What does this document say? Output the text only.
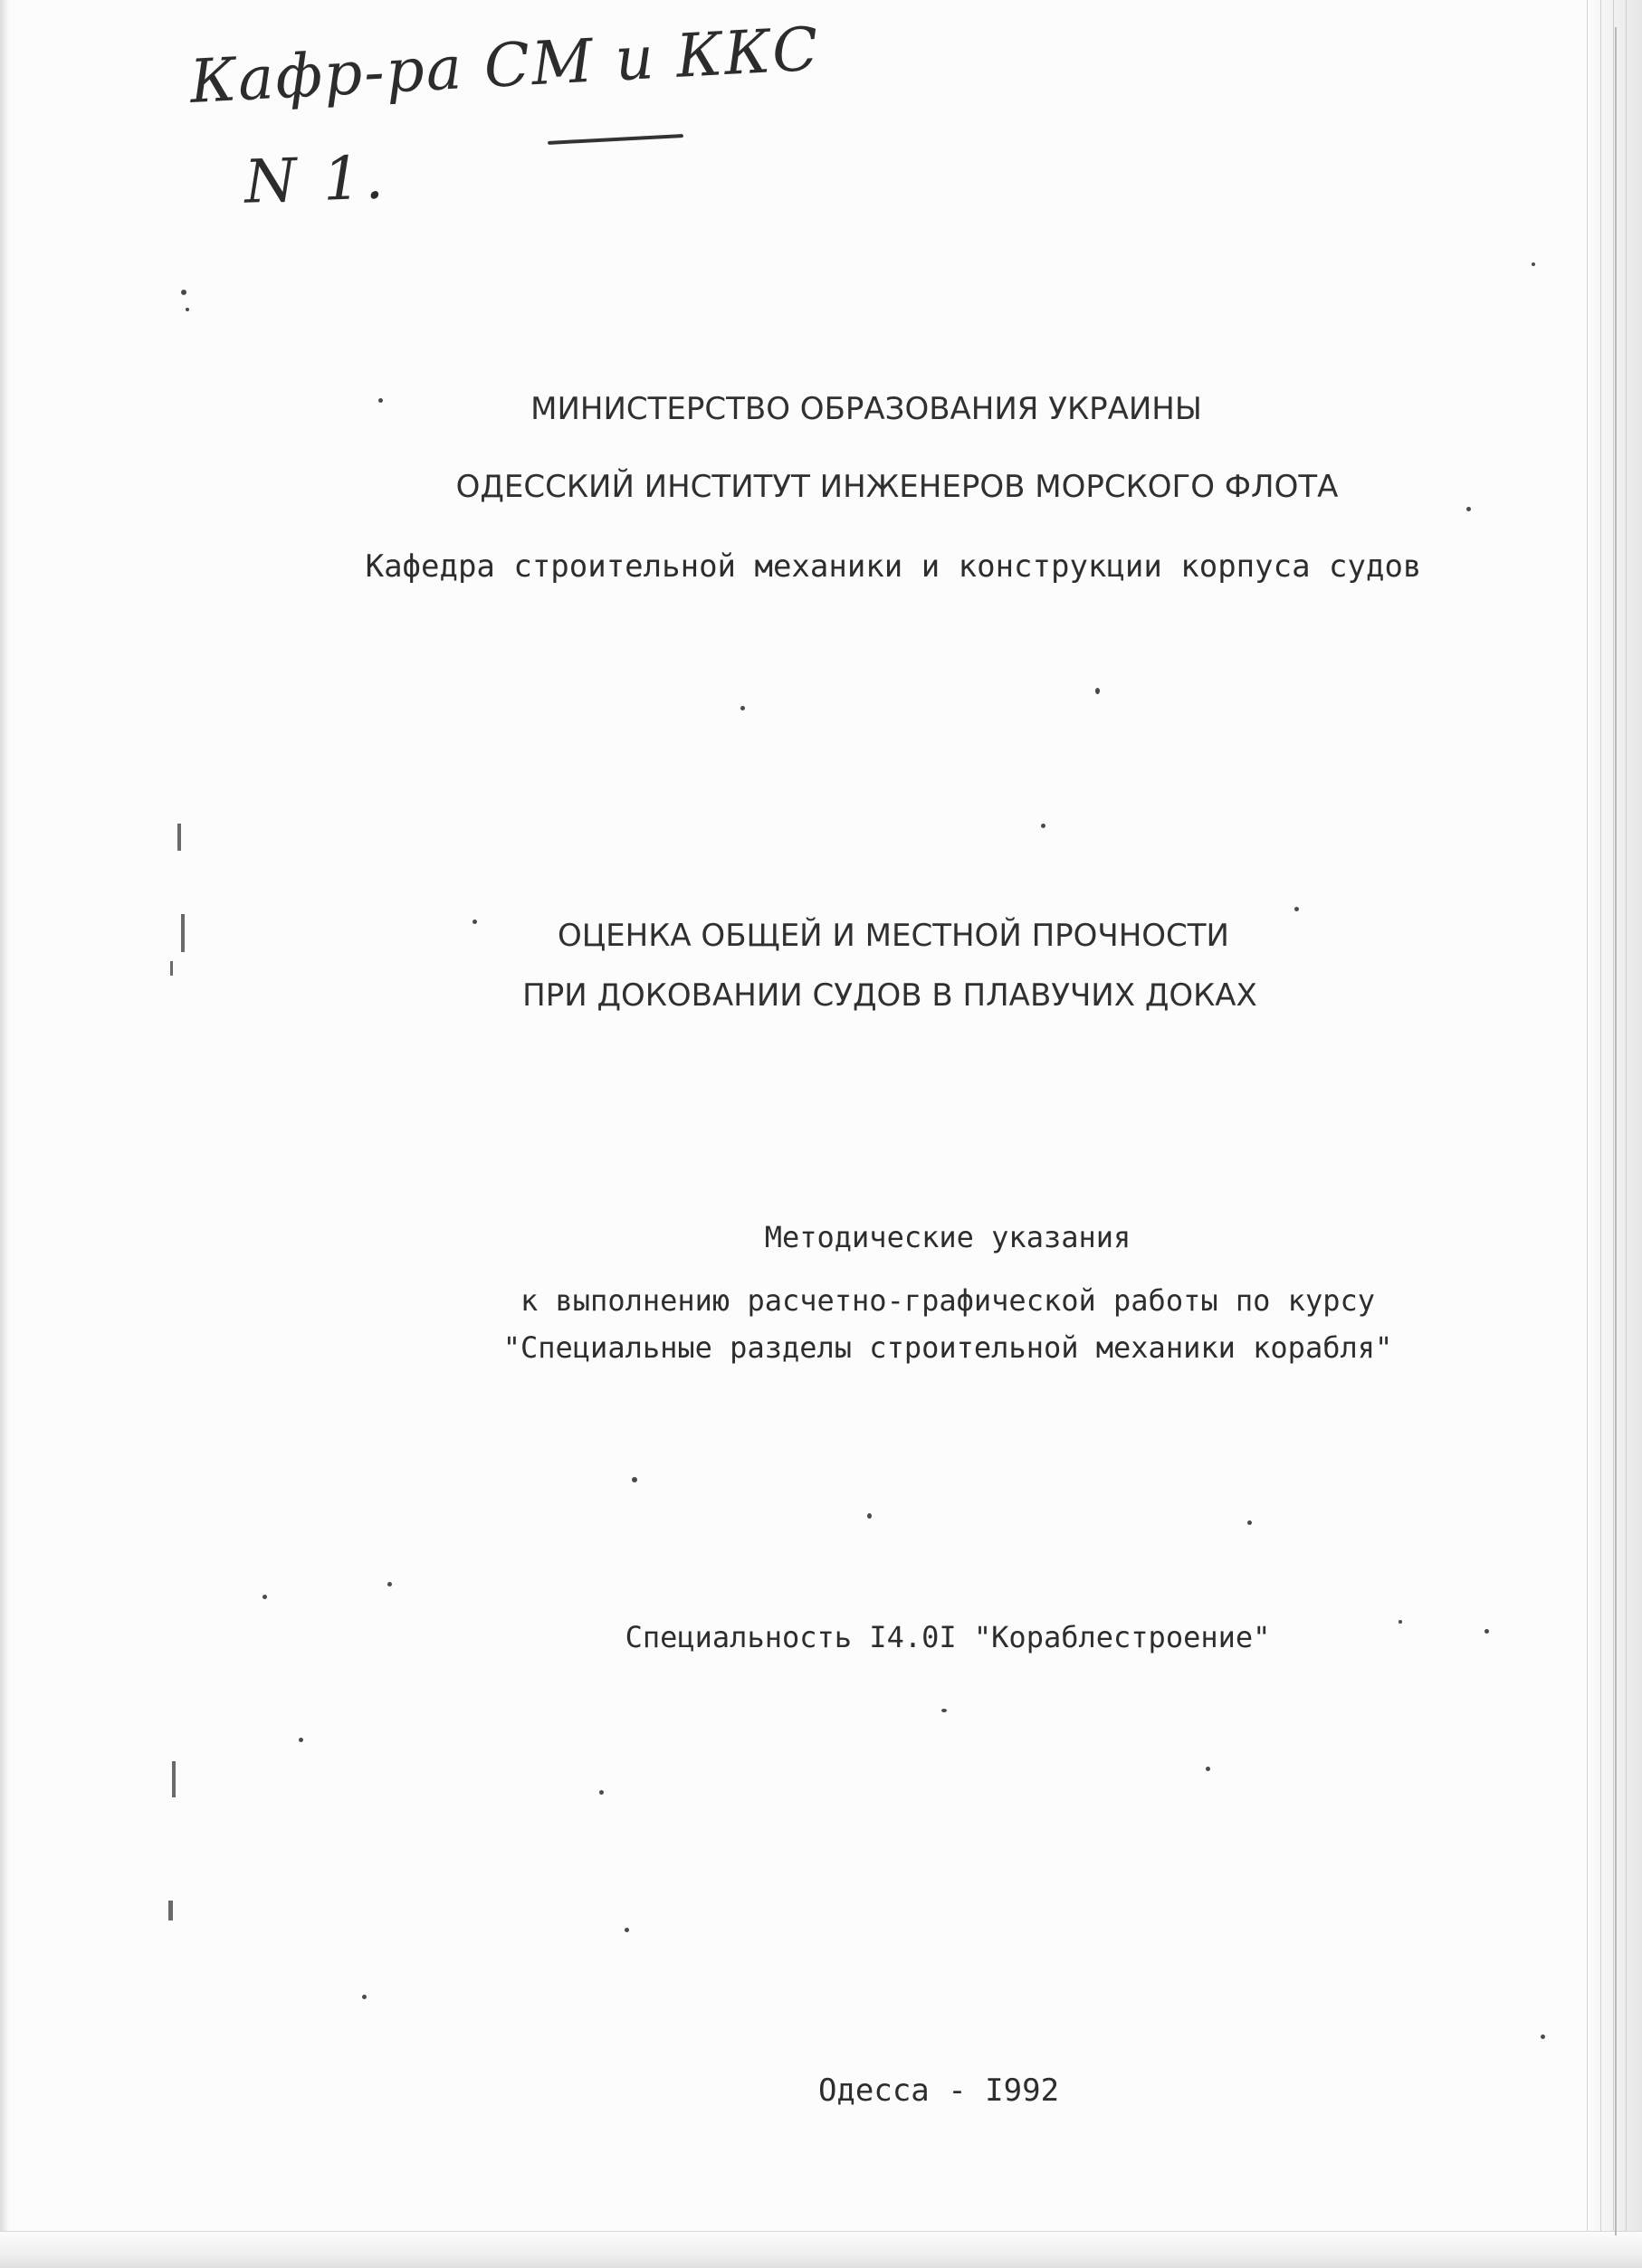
Кафр-ра СМ и ККС
N 1.
МИНИСТЕРСТВО ОБРАЗОВАНИЯ УКРАИНЫ
ОДЕССКИЙ ИНСТИТУТ ИНЖЕНЕРОВ МОРСКОГО ФЛОТА
Кафедра строительной механики и конструкции корпуса судов
ОЦЕНКА ОБЩЕЙ И МЕСТНОЙ ПРОЧНОСТИ
ПРИ ДОКОВАНИИ СУДОВ В ПЛАВУЧИХ ДОКАХ
Методические указания
к выполнению расчетно-графической работы по курсу
"Специальные разделы строительной механики корабля"
Специальность I4.0I "Кораблестроение"
Одесса - I992
